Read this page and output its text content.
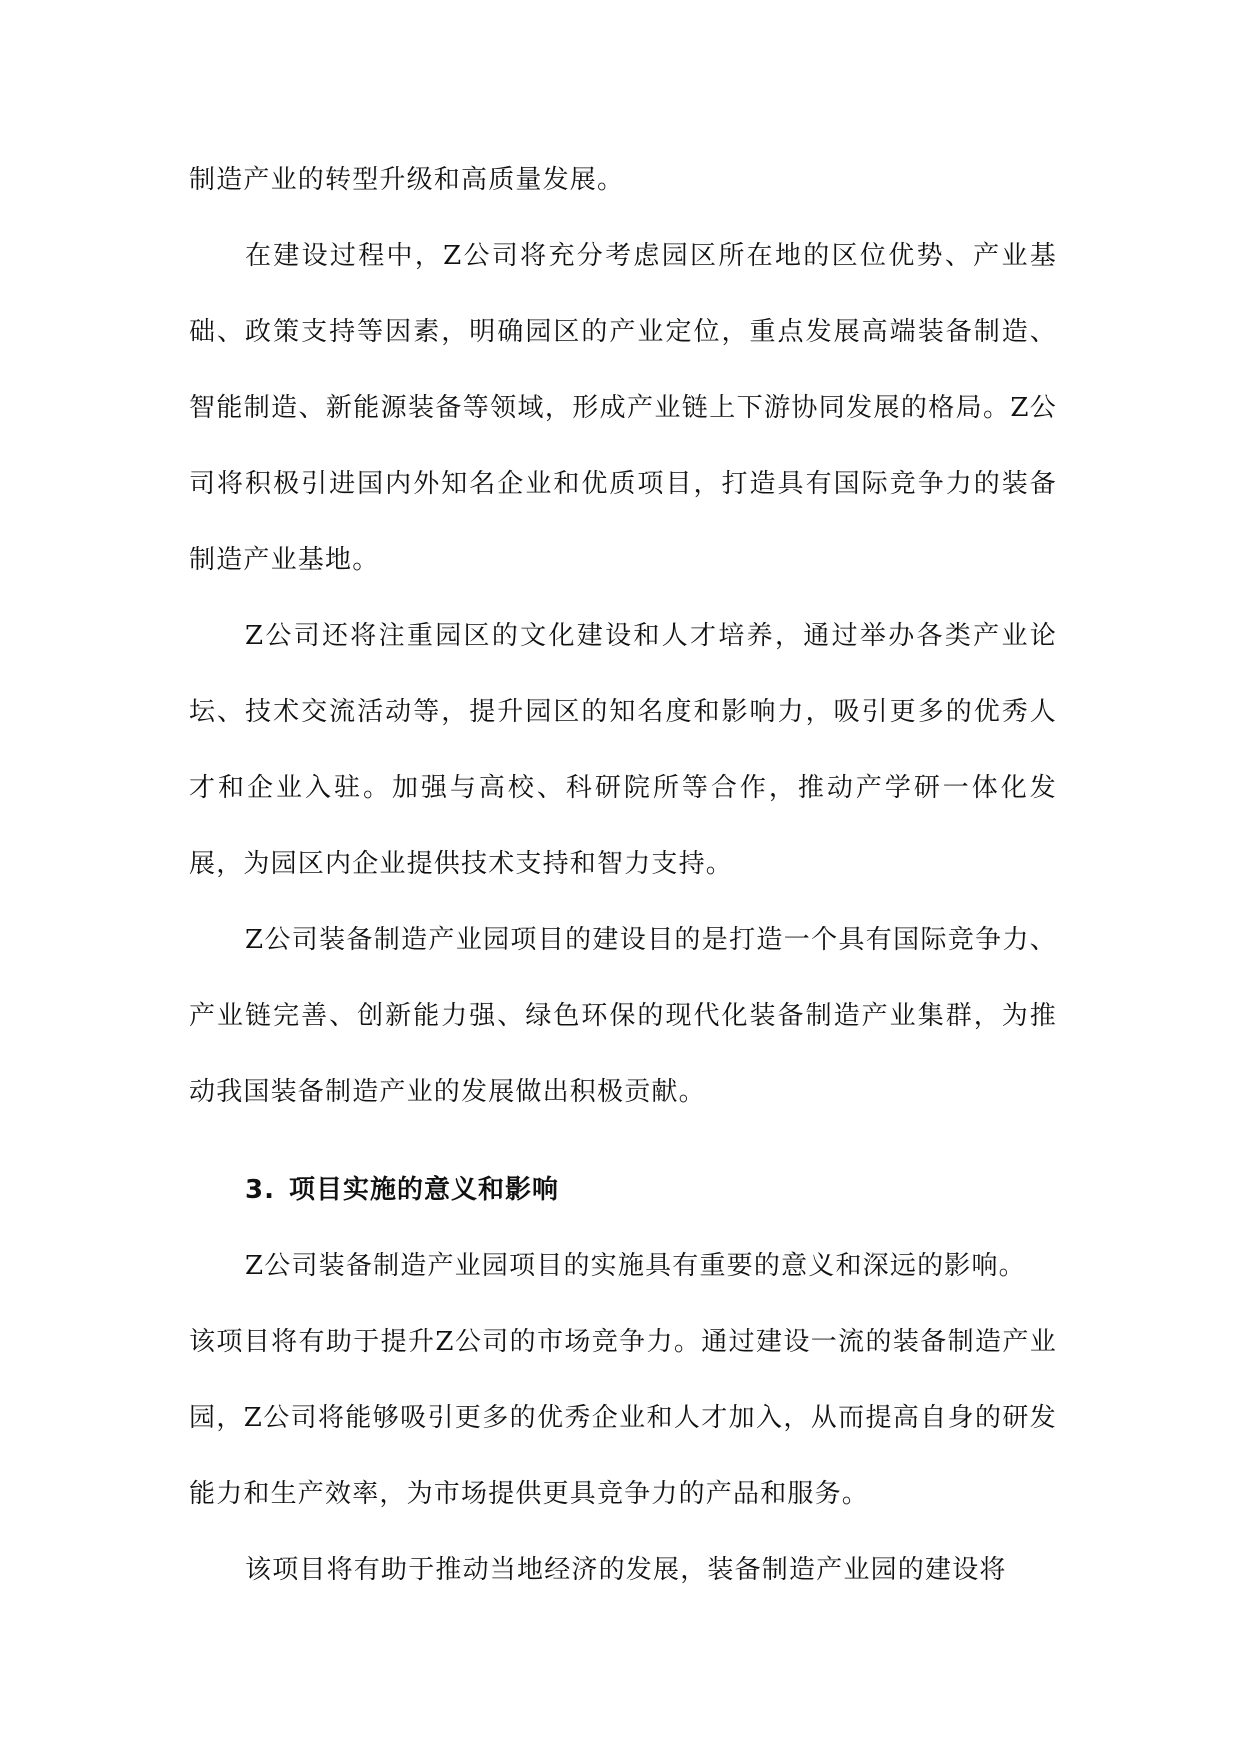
制造产业的转型升级和高质量发展。

在建设过程中，Z公司将充分考虑园区所在地的区位优势、产业基础、政策支持等因素，明确园区的产业定位，重点发展高端装备制造、智能制造、新能源装备等领域，形成产业链上下游协同发展的格局。Z公司将积极引进国内外知名企业和优质项目，打造具有国际竞争力的装备制造产业基地。

Z公司还将注重园区的文化建设和人才培养，通过举办各类产业论坛、技术交流活动等，提升园区的知名度和影响力，吸引更多的优秀人才和企业入驻。加强与高校、科研院所等合作，推动产学研一体化发展，为园区内企业提供技术支持和智力支持。

Z公司装备制造产业园项目的建设目的是打造一个具有国际竞争力、产业链完善、创新能力强、绿色环保的现代化装备制造产业集群，为推动我国装备制造产业的发展做出积极贡献。

3. 项目实施的意义和影响

Z公司装备制造产业园项目的实施具有重要的意义和深远的影响。

该项目将有助于提升Z公司的市场竞争力。通过建设一流的装备制造产业园，Z公司将能够吸引更多的优秀企业和人才加入，从而提高自身的研发能力和生产效率，为市场提供更具竞争力的产品和服务。

该项目将有助于推动当地经济的发展，装备制造产业园的建设将
